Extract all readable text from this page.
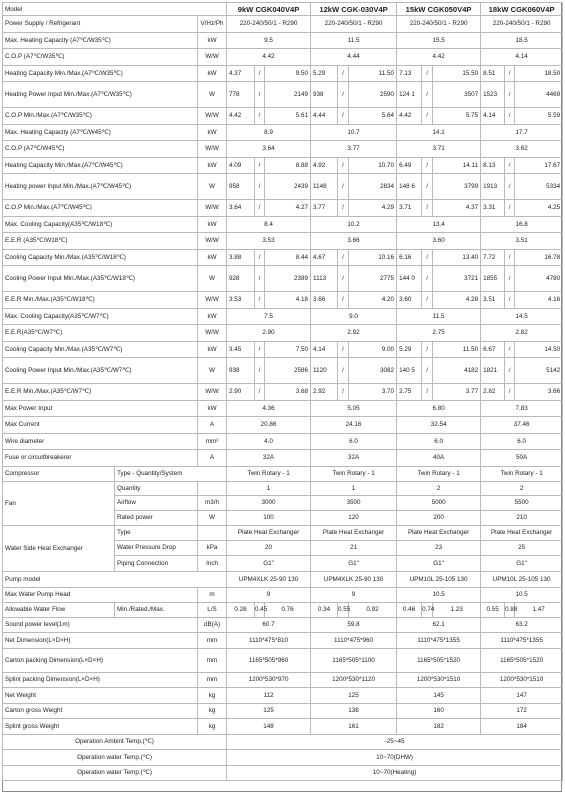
Model			9kW CGK040V4P			12kW CGK-030V4P			15kW CGK050V4P			18kW CGK060V4P		
Power Supply / Refrigerant		V/Hz/Ph	220-240/50/1 - R290			220-240/50/1 - R290			220-240/50/1 - R290			220-240/50/1 - R290		
Max. Heating Capacity (A7℃/W35℃)		kW	9.5			11.5			15.5			18.5		
C.O.P (A7℃/W35℃)		W/W	4.42			4.44			4.42			4.14		
Heating Capacity Min./Max.(A7℃/W35℃)		kW	4.37	/	9.50	5.29	/	11.50	7.13	/	15.50	8.51	/	18.50
Heating Power Input Min./Max.(A7℃/W35℃)		W	778	/	2149	938	/	2590	124 1	/	3507	1523	/	4469
C.O.P Min./Max.(A7℃/W35℃)		W/W	4.42	/	5.61	4.44	/	5.64	4.42	/	5.75	4.14	/	5.59
Max. Heating Capacity (A7℃/W45℃)		kW	8.9			10.7			14.1			17.7		
C.O.P (A7℃/W45℃)		W/W	3.64			3.77			3.71			3.62		
Heating Capacity Min./Max.(A7℃/W45℃)		kW	4.09	/	8.88	4.92	/	10.70	6.49	/	14.11	8.13	/	17.67
Heating power Input Min./Max.(A7℃/W45℃)		W	958	/	2439	1148	/	2834	148 6	/	3799	1913	/	5334
C.O.P Min./Max.(A7℃/W45℃)		W/W	3.64	/	4.27	3.77	/	4.29	3.71	/	4.37	3.31	/	4.25
Max. Cooling Capacity(A35℃/W18℃)		kW	8.4			10.2			13.4			16.8		
E.E.R (A35℃/W18℃)		W/W	3.53			3.66			3.60			3.51		
Cooling Capacity Min./Max.(A35℃/W18℃)		kW	3.88	/	8.44	4.67	/	10.16	6.16	/	13.40	7.72	/	16.78
Cooling Power Input Min./Max.(A35℃/W18℃)		W	928	/	2389	1113	/	2775	144 0	/	3721	1855	/	4780
E.E.R Min./Max.(A35℃/W18℃)		W/W	3.53	/	4.18	3.66	/	4.20	3.60	/	4.28	3.51	/	4.16
Max. Cooling Capacity(A35℃/W7℃)		kW	7.5			9.0			11.5			14.5		
E.E.R(A35℃/W7℃)		W/W	2.90			2.92			2.75			2.82		
Cooling Capacity Min./Max.(A35℃/W7℃)		kW	3.45	/	7.50	4.14	/	9.00	5.29	/	11.50	6.67	/	14.50
Cooling Power Input Min./Max.(A35℃/W7℃)		W	938	/	2586	1120	/	3082	140 5	/	4182	1821	/	5142
E.E.R Min./Max.(A35℃/W7℃)		W/W	2.90	/	3.68	2.92	/	3.70	2.75	/	3.77	2.82	/	3.66
Max Power Input		kW	4.36			5.05			6.80			7.83		
Max Current		A	20.86			24.16			32.54			37.46		
Wire diameter		mm²	4.0			6.0			6.0			6.0		
Fuse or circuitbreakerer		A	32A			32A			40A			50A		
Compressor	Type - Quantity/System		Twin Rotary - 1			Twin Rotary - 1			Twin Rotary - 1			Twin Rotary - 1		
Fan	Quantity		1			1			2			2		
	Airflow	m3/h	3000			3500			5000			5500		
	Rated power	W	100			120			200			210		
Water Side Heat Exchanger	Type		Plate Heat Exchanger			Plate Heat Exchanger			Plate Heat Exchanger			Plate Heat Exchanger		
	Water Pressure Drop	kPa	20			21			23			25		
	Piping Connection	Inch	G1"			G1"			G1"			G1"		
Pump model			UPM4XLK 25-90 130			UPM4XLK 25-90 130			UPM10L 25-105 130			UPM10L 25-105 130		
Max Water Pump Head		m	9			9			10.5			10.5		
Allowable Water Flow	Min./Rated./Max.	L/S	0.28	0.45	0.76	0.34	0.55	0.92	0.46	0.74	1.23	0.55	0.88	1.47
Sound power level(1m)		dB(A)	60.7			59.8			62.1			63.2		
Net Dimension(L×D×H)		mm	1110*475*810			1110*475*960			1110*475*1355			1110*475*1355		
Carton packing Dimension(L×D×H)		mm	1165*505*960			1165*505*1100			1165*505*1520			1165*505*1520		
Splint packing Dimension(L×D×H)		mm	1200*530*970			1200*530*1120			1200*530*1510			1200*530*1510		
Net Weight		kg	112			125			145			147		
Carton gross Weight		kg	125			138			160			172		
Splint gross Weight		kg	148			161			182			184		
Operation Ambint Temp.(℃)			-25~45											
Operation water Temp.(℃)			10~70(DHW)											
Operation water Temp.(℃)			10~70(Heating)											
